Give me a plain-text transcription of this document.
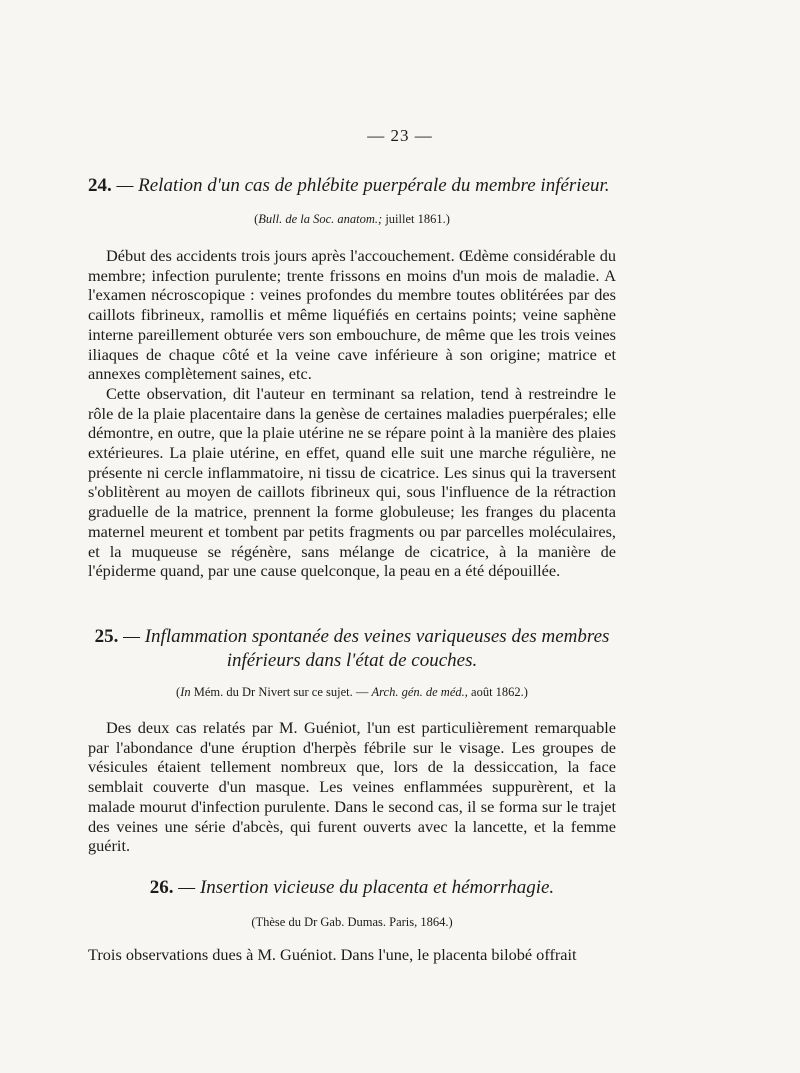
— 23 —
24. — Relation d'un cas de phlébite puerpérale du membre inférieur.
(Bull. de la Soc. anatom.; juillet 1861.)

Début des accidents trois jours après l'accouchement. Œdème considérable du membre; infection purulente; trente frissons en moins d'un mois de maladie. A l'examen nécroscopique : veines profondes du membre toutes oblitérées par des caillots fibrineux, ramollis et même liquéfiés en certains points; veine saphène interne pareillement obturée vers son embouchure, de même que les trois veines iliaques de chaque côté et la veine cave inférieure à son origine; matrice et annexes complètement saines, etc.

Cette observation, dit l'auteur en terminant sa relation, tend à restreindre le rôle de la plaie placentaire dans la genèse de certaines maladies puerpérales; elle démontre, en outre, que la plaie utérine ne se répare point à la manière des plaies extérieures. La plaie utérine, en effet, quand elle suit une marche régulière, ne présente ni cercle inflammatoire, ni tissu de cicatrice. Les sinus qui la traversent s'oblitèrent au moyen de caillots fibrineux qui, sous l'influence de la rétraction graduelle de la matrice, prennent la forme globuleuse; les franges du placenta maternel meurent et tombent par petits fragments ou par parcelles moléculaires, et la muqueuse se régénère, sans mélange de cicatrice, à la manière de l'épiderme quand, par une cause quelconque, la peau en a été dépouillée.

25. — Inflammation spontanée des veines variqueuses des membres
inférieurs dans l'état de couches.
(In Mém. du Dr Nivert sur ce sujet. — Arch. gén. de méd., août 1862.)

Des deux cas relatés par M. Guéniot, l'un est particulièrement remarquable par l'abondance d'une éruption d'herpès fébrile sur le visage. Les groupes de vésicules étaient tellement nombreux que, lors de la dessiccation, la face semblait couverte d'un masque. Les veines enflammées suppurèrent, et la malade mourut d'infection purulente. Dans le second cas, il se forma sur le trajet des veines une série d'abcès, qui furent ouverts avec la lancette, et la femme guérit.

26. — Insertion vicieuse du placenta et hémorrhagie.
(Thèse du Dr Gab. Dumas. Paris, 1864.)

Trois observations dues à M. Guéniot. Dans l'une, le placenta bilobé offrait
